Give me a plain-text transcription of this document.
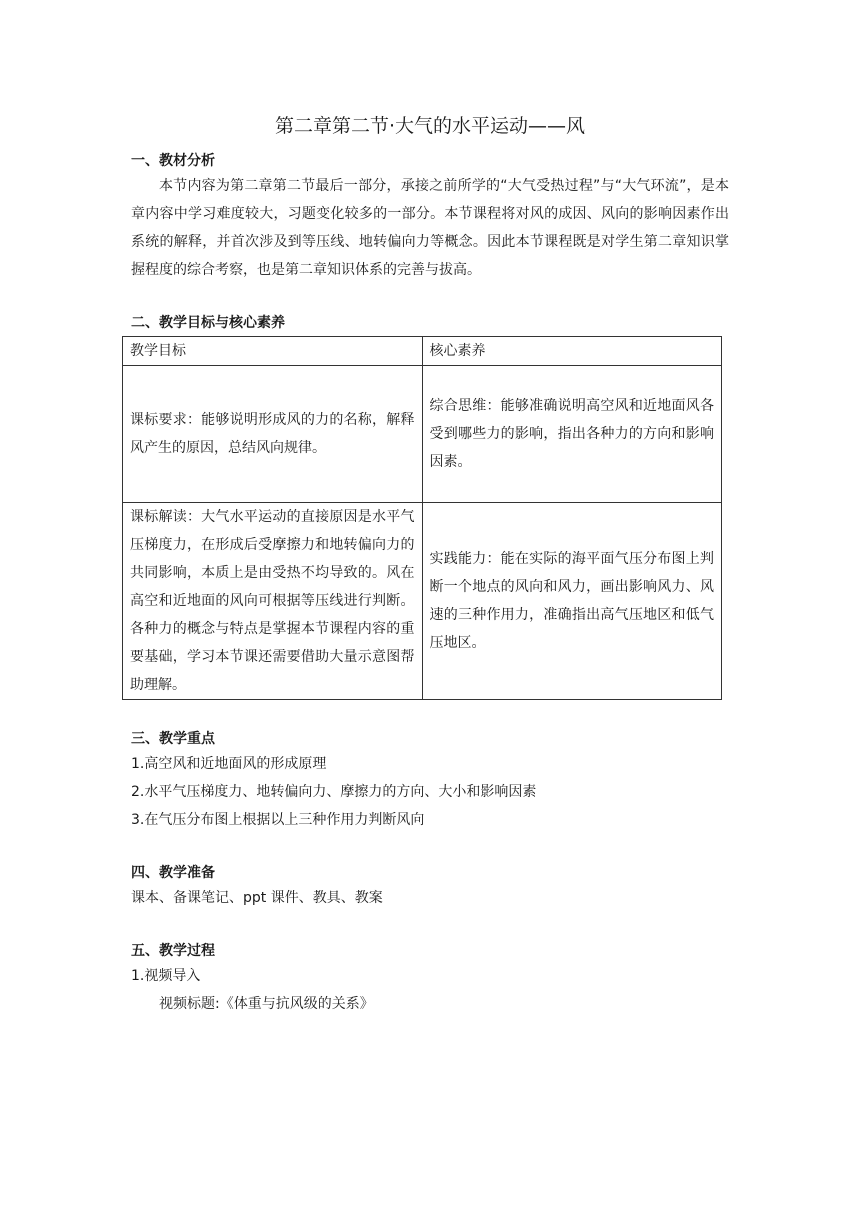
第二章第二节·大气的水平运动——风
一、教材分析

本节内容为第二章第二节最后一部分，承接之前所学的“大气受热过程”与“大气环流”，是本章内容中学习难度较大，习题变化较多的一部分。本节课程将对风的成因、风向的影响因素作出系统的解释，并首次涉及到等压线、地转偏向力等概念。因此本节课程既是对学生第二章知识掌握程度的综合考察，也是第二章知识体系的完善与拔高。

二、教学目标与核心素养
教学目标	核心素养
课标要求：能够说明形成风的力的名称，解释风产生的原因，总结风向规律。	综合思维：能够准确说明高空风和近地面风各受到哪些力的影响，指出各种力的方向和影响因素。
课标解读：大气水平运动的直接原因是水平气压梯度力，在形成后受摩擦力和地转偏向力的共同影响，本质上是由受热不均导致的。风在高空和近地面的风向可根据等压线进行判断。各种力的概念与特点是掌握本节课程内容的重要基础，学习本节课还需要借助大量示意图帮助理解。	实践能力：能在实际的海平面气压分布图上判断一个地点的风向和风力，画出影响风力、风速的三种作用力，准确指出高气压地区和低气压地区。
三、教学重点

1.高空风和近地面风的形成原理

2.水平气压梯度力、地转偏向力、摩擦力的方向、大小和影响因素

3.在气压分布图上根据以上三种作用力判断风向

四、教学准备

课本、备课笔记、ppt 课件、教具、教案

五、教学过程

1.视频导入

视频标题:《体重与抗风级的关系》
